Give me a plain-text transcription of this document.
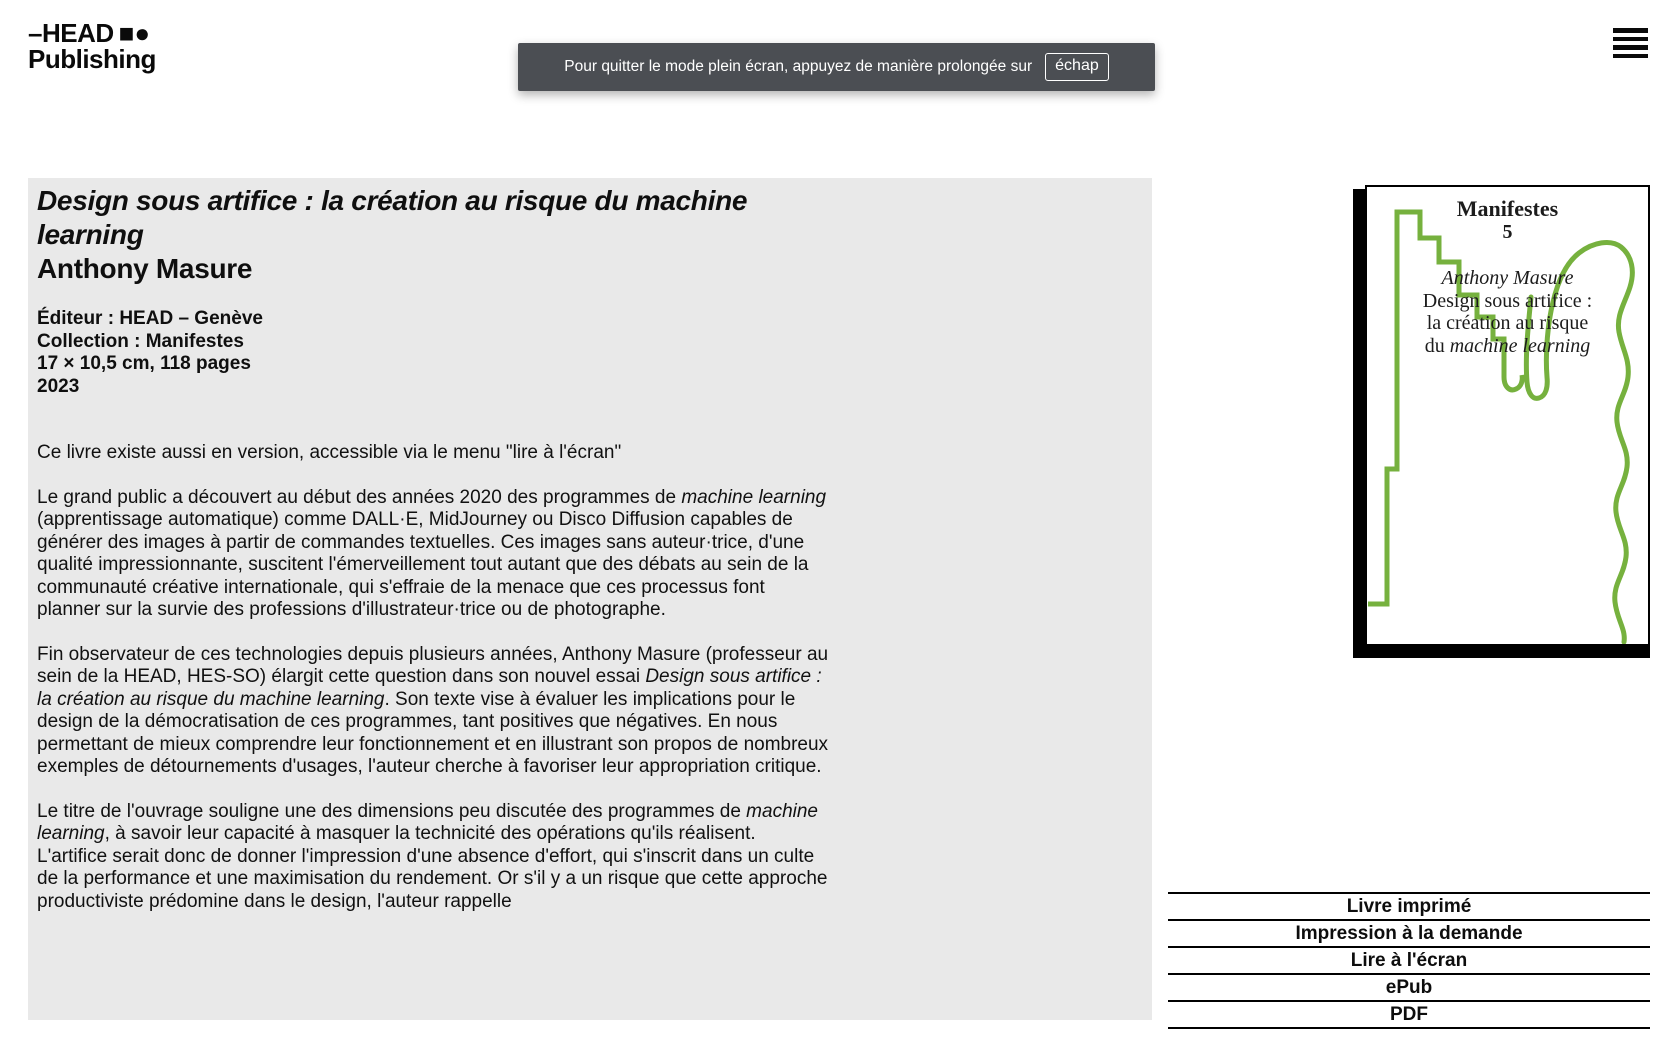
–HEAD ■●
Publishing	Pour quitter le mode plein écran, appuyez de manière prolongée sur	échap
Design sous artifice : la création au risque du machine learning
Anthony Masure
Éditeur : HEAD – Genève
Collection : Manifestes
17 × 10,5 cm, 118 pages
2023

Ce livre existe aussi en version, accessible via le menu "lire à l'écran"

Le grand public a découvert au début des années 2020 des programmes de machine learning (apprentissage automatique) comme DALL·E, MidJourney ou Disco Diffusion capables de générer des images à partir de commandes textuelles. Ces images sans auteur·trice, d'une qualité impressionnante, suscitent l'émerveillement tout autant que des débats au sein de la communauté créative internationale, qui s'effraie de la menace que ces processus font planner sur la survie des professions d'illustrateur·trice ou de photographe.

Fin observateur de ces technologies depuis plusieurs années, Anthony Masure (professeur au sein de la HEAD, HES-SO) élargit cette question dans son nouvel essai Design sous artifice : la création au risque du machine learning. Son texte vise à évaluer les implications pour le design de la démocratisation de ces programmes, tant positives que négatives. En nous permettant de mieux comprendre leur fonctionnement et en illustrant son propos de nombreux exemples de détournements d'usages, l'auteur cherche à favoriser leur appropriation critique.

Le titre de l'ouvrage souligne une des dimensions peu discutée des programmes de machine learning, à savoir leur capacité à masquer la technicité des opérations qu'ils réalisent. L'artifice serait donc de donner l'impression d'une absence d'effort, qui s'inscrit dans un culte de la performance et une maximisation du rendement. Or s'il y a un risque que cette approche productiviste prédomine dans le design, l'auteur rappelle

Manifestes
5
Anthony Masure
Design sous artifice :
la création au risque
du machine learning
Livre imprimé
Impression à la demande
Lire à l'écran
ePub
PDF
